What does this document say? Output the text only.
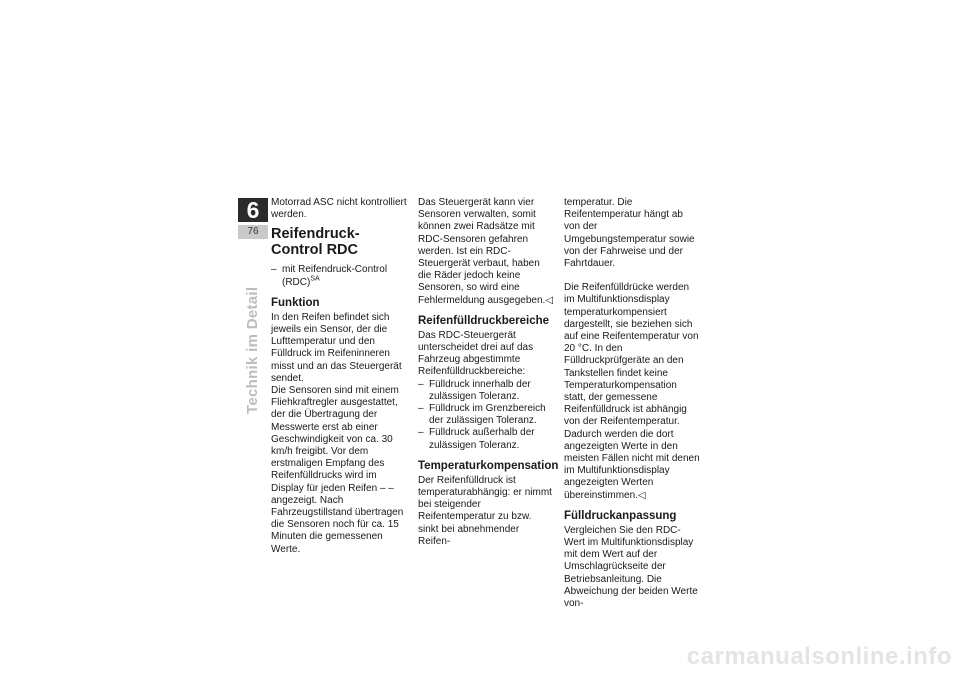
6
76
Technik im Detail

Motorrad ASC nicht kontrolliert werden.

Reifendruck-Control RDC
– mit Reifendruck-Control (RDC)$^{SA}$
Funktion

In den Reifen befindet sich jeweils ein Sensor, der die Lufttemperatur und den Fülldruck im Reifeninneren misst und an das Steuergerät sendet.

Die Sensoren sind mit einem Fliehkraftregler ausgestattet, der die Übertragung der Messwerte erst ab einer Geschwindigkeit von ca. 30 km/h freigibt. Vor dem erstmaligen Empfang des Reifenfülldrucks wird im Display für jeden Reifen – – angezeigt. Nach Fahrzeugstillstand übertragen die Sensoren noch für ca. 15 Minuten die gemessenen Werte.

Das Steuergerät kann vier Sensoren verwalten, somit können zwei Radsätze mit RDC-Sensoren gefahren werden. Ist ein RDC-Steuergerät verbaut, haben die Räder jedoch keine Sensoren, so wird eine Fehlermeldung ausgegeben.◁

Reifenfülldruckbereiche

Das RDC-Steuergerät unterscheidet drei auf das Fahrzeug abgestimmte Reifenfülldruckbereiche:

– Fülldruck innerhalb der zulässigen Toleranz.
– Fülldruck im Grenzbereich der zulässigen Toleranz.
– Fülldruck außerhalb der zulässigen Toleranz.
Temperaturkompensation

Der Reifenfülldruck ist temperaturabhängig: er nimmt bei steigender Reifentemperatur zu bzw. sinkt bei abnehmender Reifen-

temperatur. Die Reifentemperatur hängt ab von der Umgebungstemperatur sowie von der Fahrweise und der Fahrtdauer.

Die Reifenfülldrücke werden im Multifunktionsdisplay temperaturkompensiert dargestellt, sie beziehen sich auf eine Reifentemperatur von 20 °C. In den Fülldruckprüfgeräte an den Tankstellen findet keine Temperaturkompensation statt, der gemessene Reifenfülldruck ist abhängig von der Reifentemperatur. Dadurch werden die dort angezeigten Werte in den meisten Fällen nicht mit denen im Multifunktionsdisplay angezeigten Werten übereinstimmen.◁

Fülldruckanpassung

Vergleichen Sie den RDC-Wert im Multifunktionsdisplay mit dem Wert auf der Umschlagrückseite der Betriebsanleitung. Die Abweichung der beiden Werte von-

carmanualsonline.info
